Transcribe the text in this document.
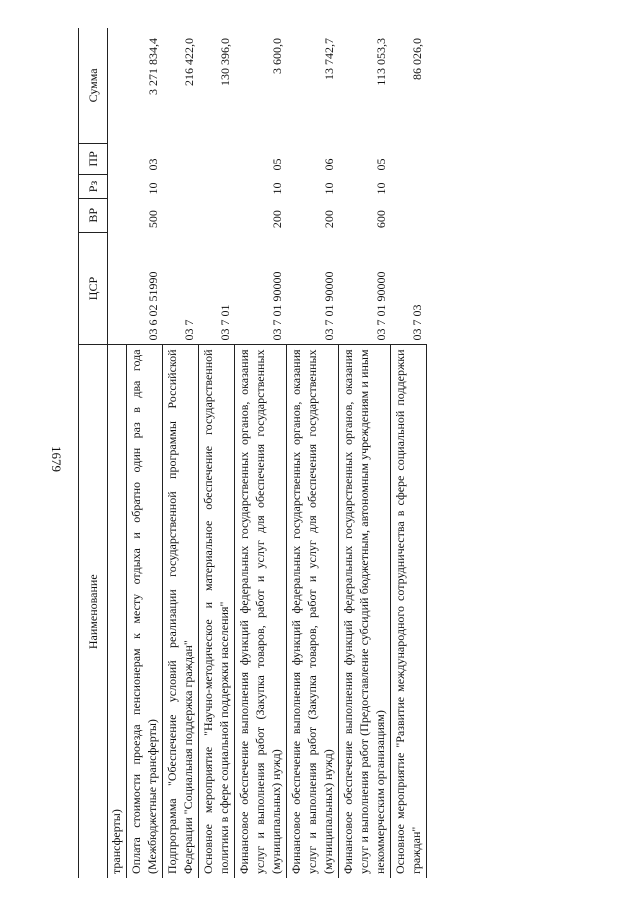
1679
Наименование	ЦСР	ВР	Рз	ПР	Сумма
трансферты)					
Оплата стоимости проезда пенсионерам к месту отдыха и обратно один раз в два года (Межбюджетные трансферты)	03 6 02 51990	500	10	03	3 271 834,4
Подпрограмма "Обеспечение условий реализации государственной программы Российской Федерации "Социальная поддержка граждан"	03 7				216 422,0
Основное мероприятие "Научно-методическое и материальное обеспечение государственной политики в сфере социальной поддержки населения"	03 7 01				130 396,0
Финансовое обеспечение выполнения функций федеральных государственных органов, оказания услуг и выполнения работ (Закупка товаров, работ и услуг для обеспечения государственных (муниципальных) нужд)	03 7 01 90000	200	10	05	3 600,0
Финансовое обеспечение выполнения функций федеральных государственных органов, оказания услуг и выполнения работ (Закупка товаров, работ и услуг для обеспечения государственных (муниципальных) нужд)	03 7 01 90000	200	10	06	13 742,7
Финансовое обеспечение выполнения функций федеральных государственных органов, оказания услуг и выполнения работ (Предоставление субсидий бюджетным, автономным учреждениям и иным некоммерческим организациям)	03 7 01 90000	600	10	05	113 053,3
Основное мероприятие "Развитие международного сотрудничества в сфере социальной поддержки граждан"	03 7 03				86 026,0
